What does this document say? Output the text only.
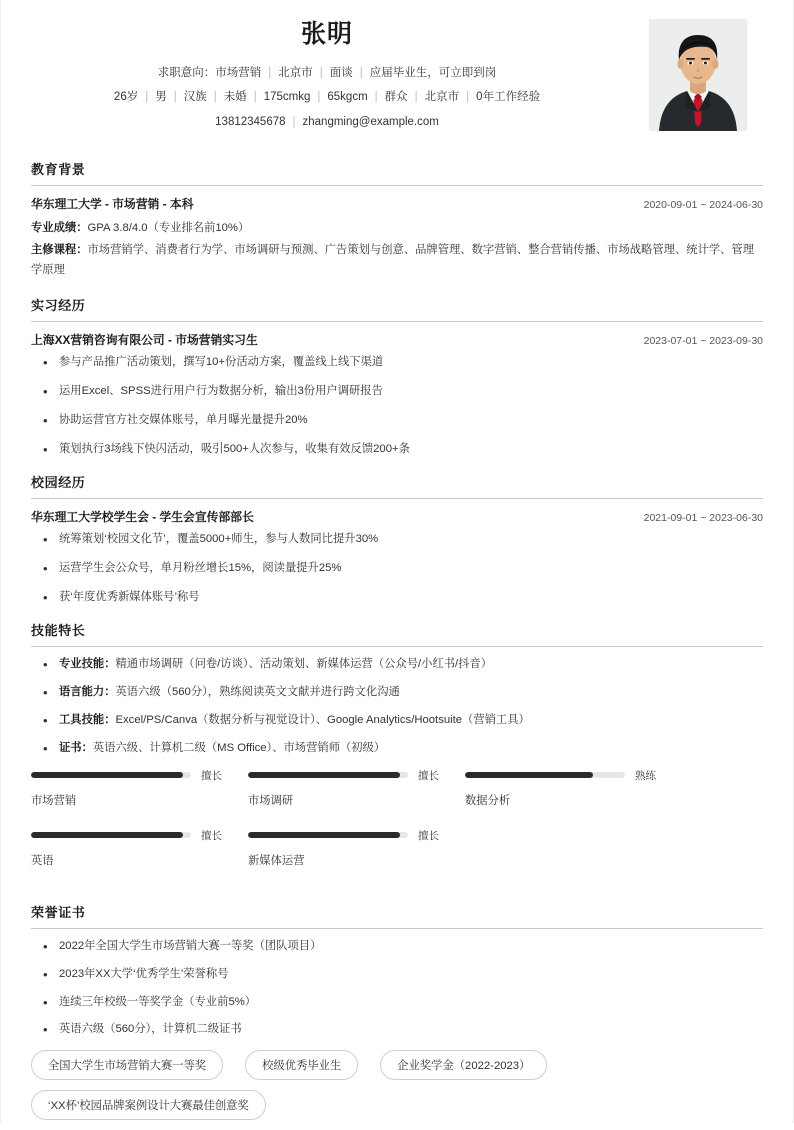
张明
求职意向：市场营销 | 北京市 | 面谈 | 应届毕业生，可立即到岗
26岁 | 男 | 汉族 | 未婚 | 175cmkg | 65kgcm | 群众 | 北京市 | 0年工作经验
13812345678 | zhangming@example.com
教育背景
华东理工大学 - 市场营销 - 本科	2020-09-01 ~ 2024-06-30
专业成绩：GPA 3.8/4.0（专业排名前10%）
主修课程：市场营销学、消费者行为学、市场调研与预测、广告策划与创意、品牌管理、数字营销、整合营销传播、市场战略管理、统计学、管理学原理
实习经历
上海XX营销咨询有限公司 - 市场营销实习生	2023-07-01 ~ 2023-09-30
• 参与产品推广活动策划，撰写10+份活动方案，覆盖线上线下渠道
• 运用Excel、SPSS进行用户行为数据分析，输出3份用户调研报告
• 协助运营官方社交媒体账号，单月曝光量提升20%
• 策划执行3场线下快闪活动，吸引500+人次参与，收集有效反馈200+条
校园经历
华东理工大学校学生会 - 学生会宣传部部长	2021-09-01 ~ 2023-06-30
• 统筹策划‘校园文化节’，覆盖5000+师生，参与人数同比提升30%
• 运营学生会公众号，单月粉丝增长15%，阅读量提升25%
• 获‘年度优秀新媒体账号’称号
技能特长
• 专业技能：精通市场调研（问卷/访谈）、活动策划、新媒体运营（公众号/小红书/抖音）
• 语言能力：英语六级（560分），熟练阅读英文文献并进行跨文化沟通
• 工具技能：Excel/PS/Canva（数据分析与视觉设计）、Google Analytics/Hootsuite（营销工具）
• 证书：英语六级、计算机二级（MS Office）、市场营销师（初级）
擅长
市场营销
擅长
市场调研
熟练
数据分析
擅长
英语
擅长
新媒体运营
荣誉证书
• 2022年全国大学生市场营销大赛一等奖（团队项目）
• 2023年XX大学‘优秀学生’荣誉称号
• 连续三年校级一等奖学金（专业前5%）
• 英语六级（560分），计算机二级证书
全国大学生市场营销大赛一等奖	校级优秀毕业生	企业奖学金（2022-2023）
‘XX杯’校园品牌案例设计大赛最佳创意奖
